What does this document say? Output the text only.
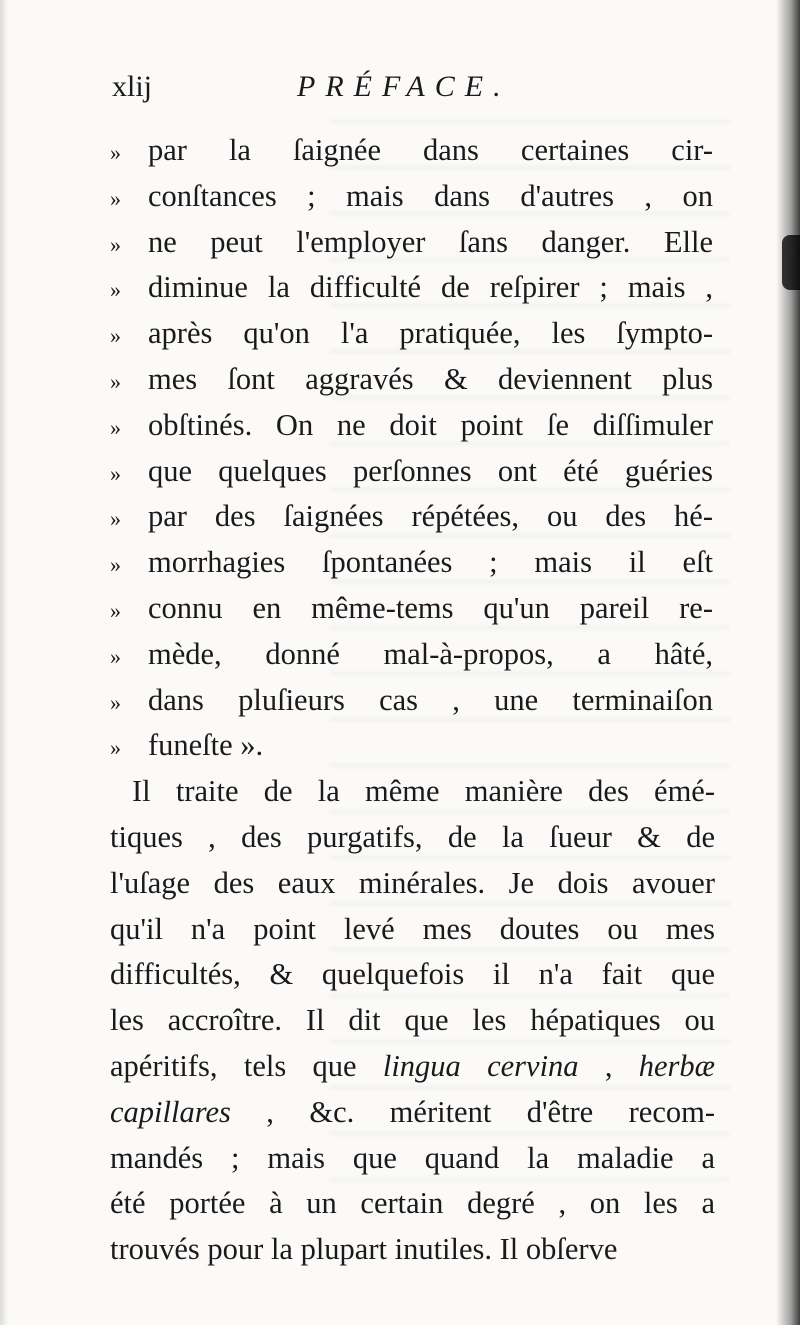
xlij	PRÉFACE.
» par la ſaignée dans certaines cir-
» conſtances ; mais dans d'autres , on
» ne peut l'employer ſans danger. Elle
» diminue la difficulté de reſpirer ; mais ,
» après qu'on l'a pratiquée, les ſympto-
» mes ſont aggravés & deviennent plus
» obſtinés. On ne doit point ſe diſſimuler
» que quelques perſonnes ont été guéries
» par des ſaignées répétées, ou des hé-
» morrhagies ſpontanées ; mais il eſt
» connu en même-tems qu'un pareil re-
» mède, donné mal-à-propos, a hâté,
» dans pluſieurs cas , une terminaiſon
» funeſte ».
Il traite de la même manière des émé-
tiques , des purgatifs, de la ſueur & de
l'uſage des eaux minérales. Je dois avouer
qu'il n'a point levé mes doutes ou mes
difficultés, & quelquefois il n'a fait que
les accroître. Il dit que les hépatiques ou
apéritifs, tels que lingua cervina , herbæ
capillares , &c. méritent d'être recom-
mandés ; mais que quand la maladie a
été portée à un certain degré , on les a
trouvés pour la plupart inutiles. Il obſerve
